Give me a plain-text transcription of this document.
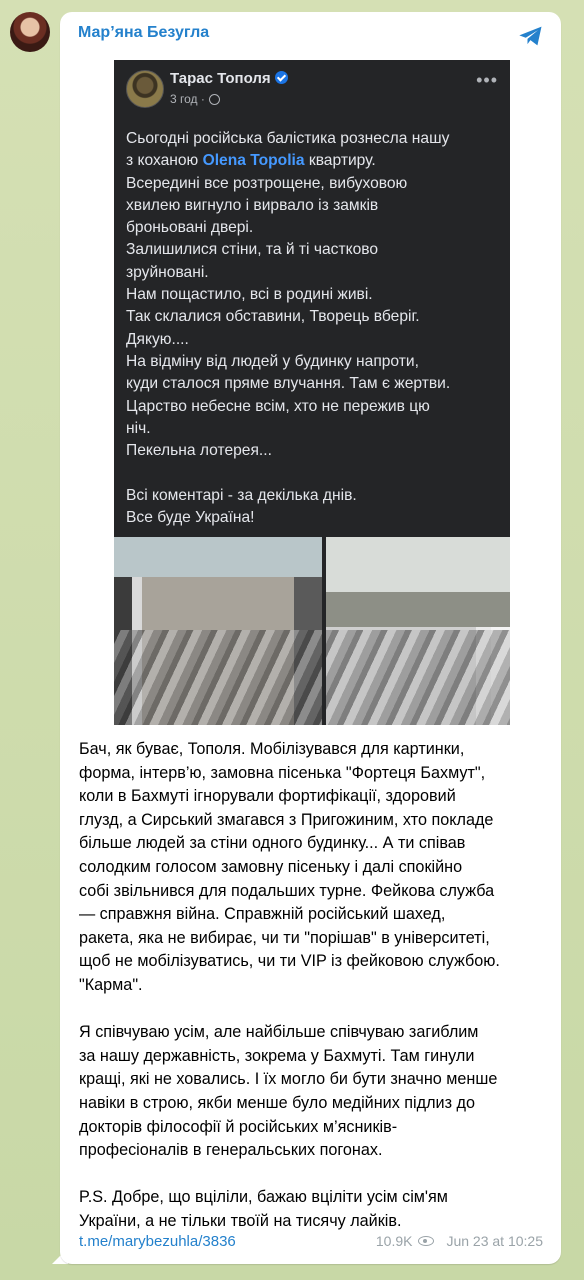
Мар’яна Безугла
Тарас Тополя
3 год ·
•••
Сьогодні російська балістика рознесла нашу
з коханою Olena Topolia квартиру.
Всередині все розтрощене, вибуховою
хвилею вигнуло і вирвало із замків
броньовані двері.
Залишилися стіни, та й ті частково
зруйновані.
Нам пощастило, всі в родині живі.
Так склалися обставини, Творець вберіг.
Дякую....
На відміну від людей у будинку напроти,
куди сталося пряме влучання. Там є жертви.
Царство небесне всім, хто не пережив цю
ніч.
Пекельна лотерея...

Всі коментарі - за декілька днів.
Все буде Україна!
Бач, як буває, Тополя. Мобілізувався для картинки,
форма, інтерв’ю, замовна пісенька "Фортеця Бахмут",
коли в Бахмуті ігнорували фортифікації, здоровий
глузд, а Сирський змагався з Пригожиним, хто покладе
більше людей за стіни одного будинку... А ти співав
солодким голосом замовну пісеньку і далі спокійно
собі звільнився для подальших турне. Фейкова служба
— справжня війна. Справжній російський шахед,
ракета, яка не вибирає, чи ти "порішав" в університеті,
щоб не мобілізуватись, чи ти VIP із фейковою службою.
"Карма".

Я співчуваю усім, але найбільше співчуваю загиблим
за нашу державність, зокрема у Бахмуті. Там гинули
кращі, які не ховались. І їх могло би бути значно менше
навіки в строю, якби менше було медійних підлиз до
докторів філософії й російських м’ясників-
професіоналів в генеральських погонах.

P.S. Добре, що вціліли, бажаю вціліти усім сім'ям
України, а не тільки твоїй на тисячу лайків.
t.me/marybezuhla/3836	10.9K Jun 23 at 10:25
